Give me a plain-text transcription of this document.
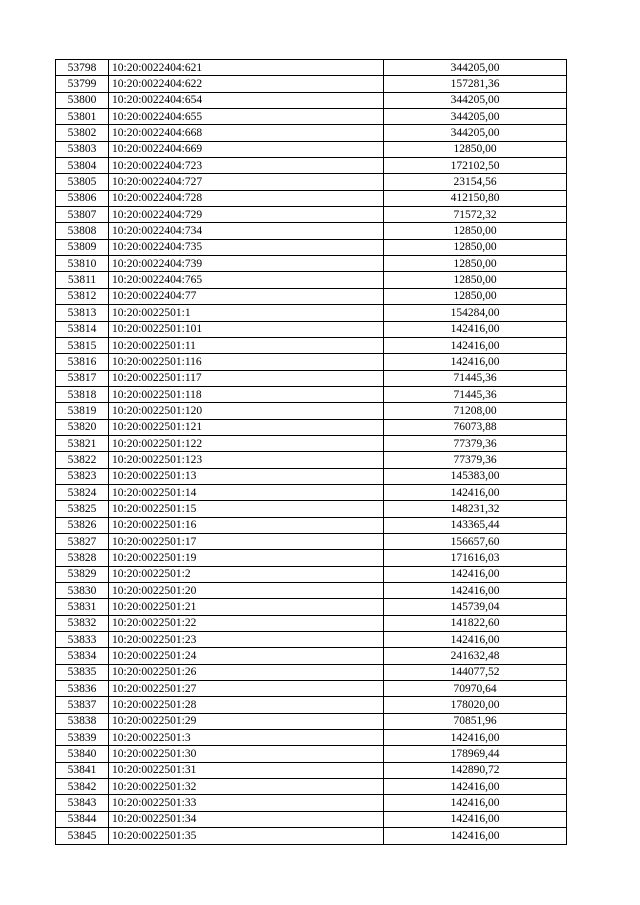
53798	10:20:0022404:621	344205,00
53799	10:20:0022404:622	157281,36
53800	10:20:0022404:654	344205,00
53801	10:20:0022404:655	344205,00
53802	10:20:0022404:668	344205,00
53803	10:20:0022404:669	12850,00
53804	10:20:0022404:723	172102,50
53805	10:20:0022404:727	23154,56
53806	10:20:0022404:728	412150,80
53807	10:20:0022404:729	71572,32
53808	10:20:0022404:734	12850,00
53809	10:20:0022404:735	12850,00
53810	10:20:0022404:739	12850,00
53811	10:20:0022404:765	12850,00
53812	10:20:0022404:77	12850,00
53813	10:20:0022501:1	154284,00
53814	10:20:0022501:101	142416,00
53815	10:20:0022501:11	142416,00
53816	10:20:0022501:116	142416,00
53817	10:20:0022501:117	71445,36
53818	10:20:0022501:118	71445,36
53819	10:20:0022501:120	71208,00
53820	10:20:0022501:121	76073,88
53821	10:20:0022501:122	77379,36
53822	10:20:0022501:123	77379,36
53823	10:20:0022501:13	145383,00
53824	10:20:0022501:14	142416,00
53825	10:20:0022501:15	148231,32
53826	10:20:0022501:16	143365,44
53827	10:20:0022501:17	156657,60
53828	10:20:0022501:19	171616,03
53829	10:20:0022501:2	142416,00
53830	10:20:0022501:20	142416,00
53831	10:20:0022501:21	145739,04
53832	10:20:0022501:22	141822,60
53833	10:20:0022501:23	142416,00
53834	10:20:0022501:24	241632,48
53835	10:20:0022501:26	144077,52
53836	10:20:0022501:27	70970,64
53837	10:20:0022501:28	178020,00
53838	10:20:0022501:29	70851,96
53839	10:20:0022501:3	142416,00
53840	10:20:0022501:30	178969,44
53841	10:20:0022501:31	142890,72
53842	10:20:0022501:32	142416,00
53843	10:20:0022501:33	142416,00
53844	10:20:0022501:34	142416,00
53845	10:20:0022501:35	142416,00
